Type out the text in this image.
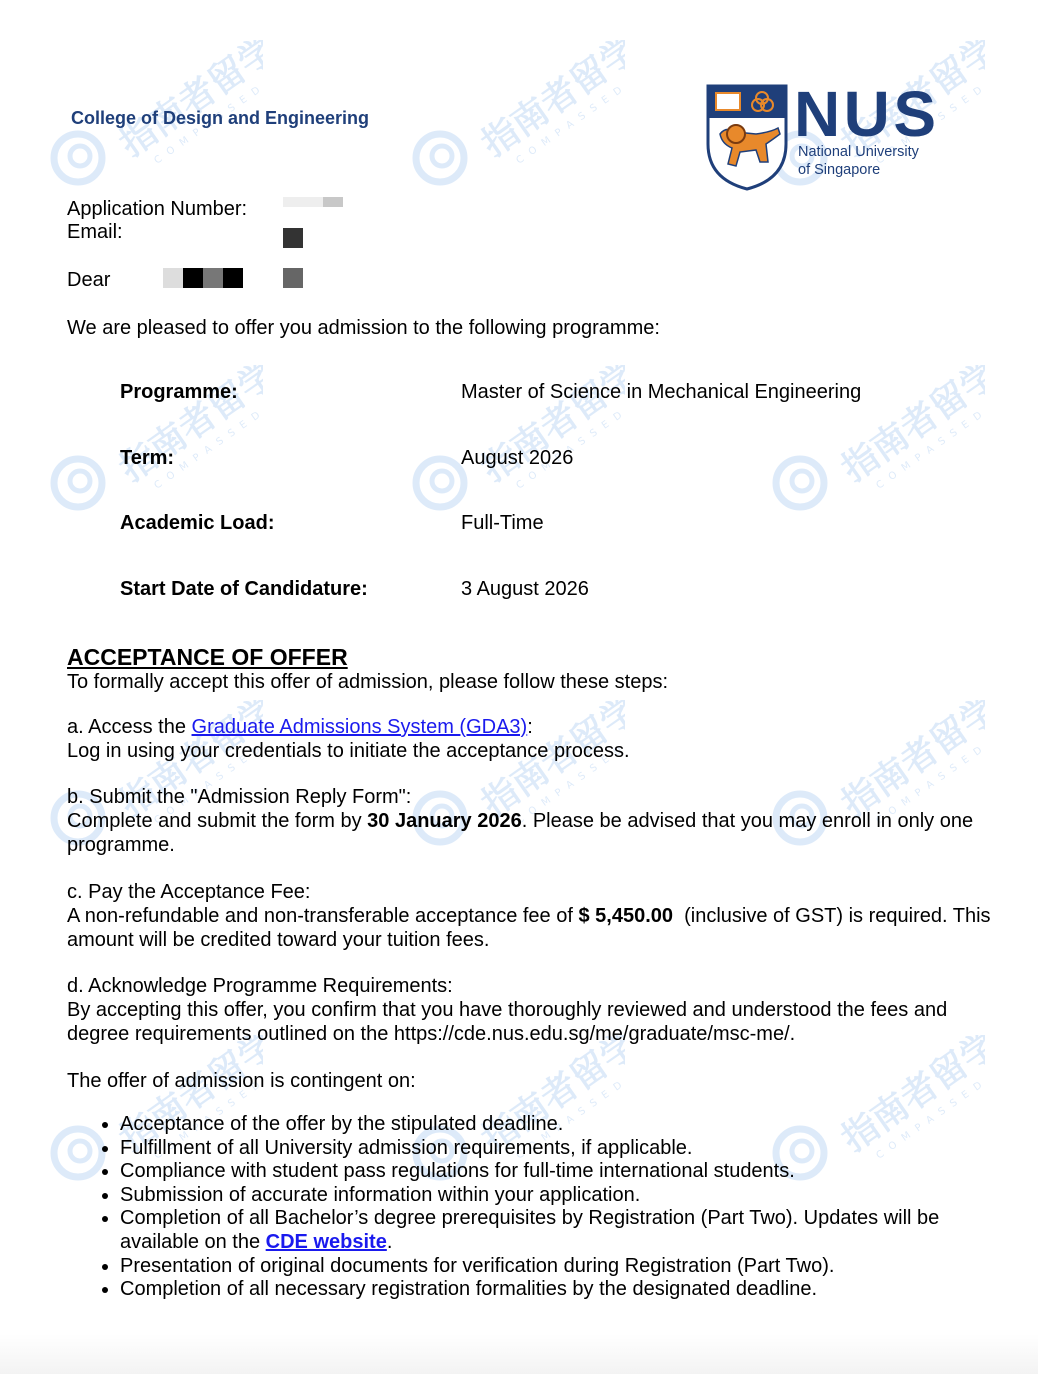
指南者留学
COMPASSEDU	指南者留学
COMPASSEDU	指南者留学
COMPASSEDU
指南者留学
COMPASSEDU	指南者留学
COMPASSEDU	指南者留学
COMPASSEDU
指南者留学
COMPASSEDU	指南者留学
COMPASSEDU	指南者留学
COMPASSEDU
指南者留学
COMPASSEDU	指南者留学
COMPASSEDU	指南者留学
COMPASSEDU
College of Design and Engineering	NUS
National University
of Singapore
Application Number:
Email:
Dear
We are pleased to offer you admission to the following programme:
Programme:	Master of Science in Mechanical Engineering
Term:	August 2026
Academic Load:	Full-Time
Start Date of Candidature:	3 August 2026
ACCEPTANCE OF OFFER
To formally accept this offer of admission, please follow these steps:
a. Access the Graduate Admissions System (GDA3):
Log in using your credentials to initiate the acceptance process.
b. Submit the "Admission Reply Form":
Complete and submit the form by 30 January 2026. Please be advised that you may enroll in only one programme.
c. Pay the Acceptance Fee:
A non-refundable and non-transferable acceptance fee of $ 5,450.00  (inclusive of GST) is required. This amount will be credited toward your tuition fees.
d. Acknowledge Programme Requirements:
By accepting this offer, you confirm that you have thoroughly reviewed and understood the fees and degree requirements outlined on the https://cde.nus.edu.sg/me/graduate/msc-me/.
The offer of admission is contingent on:
• Acceptance of the offer by the stipulated deadline.
• Fulfillment of all University admission requirements, if applicable.
• Compliance with student pass regulations for full-time international students.
• Submission of accurate information within your application.
• Completion of all Bachelor’s degree prerequisites by Registration (Part Two). Updates will be available on the CDE website.
• Presentation of original documents for verification during Registration (Part Two).
• Completion of all necessary registration formalities by the designated deadline.
